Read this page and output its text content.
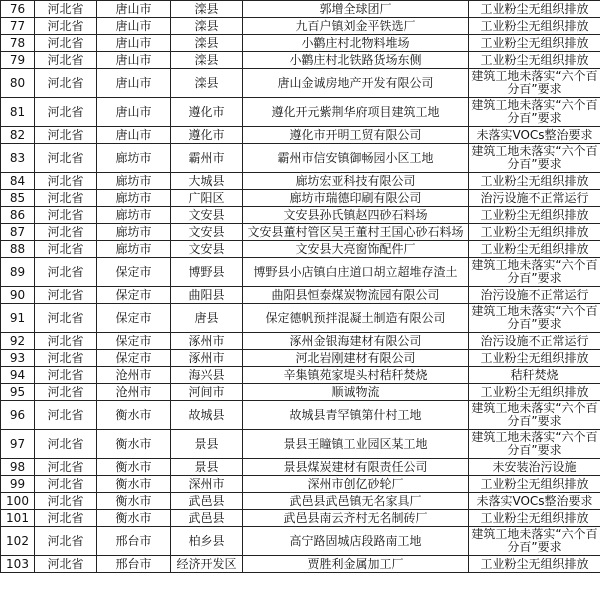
76	河北省	唐山市	滦县	郭增全球团厂	工业粉尘无组织排放
77	河北省	唐山市	滦县	九百户镇刘金平铁选厂	工业粉尘无组织排放
78	河北省	唐山市	滦县	小鹳庄村北物料堆场	工业粉尘无组织排放
79	河北省	唐山市	滦县	小鹳庄村北铁路货场东侧	工业粉尘无组织排放
80	河北省	唐山市	滦县	唐山金诚房地产开发有限公司	建筑工地未落实“六个百分百”要求
81	河北省	唐山市	遵化市	遵化开元紫荆华府项目建筑工地	建筑工地未落实“六个百分百”要求
82	河北省	唐山市	遵化市	遵化市开明工贸有限公司	未落实VOCs整治要求
83	河北省	廊坊市	霸州市	霸州市信安镇御畅园小区工地	建筑工地未落实“六个百分百”要求
84	河北省	廊坊市	大城县	廊坊宏亚科技有限公司	工业粉尘无组织排放
85	河北省	廊坊市	广阳区	廊坊市瑞德印刷有限公司	治污设施不正常运行
86	河北省	廊坊市	文安县	文安县孙氏镇赵四砂石料场	工业粉尘无组织排放
87	河北省	廊坊市	文安县	文安县董村管区吴王董村王国心砂石料场	工业粉尘无组织排放
88	河北省	廊坊市	文安县	文安县大亮窗饰配件厂	工业粉尘无组织排放
89	河北省	保定市	博野县	博野县小店镇白庄道口胡立超堆存渣土	建筑工地未落实“六个百分百”要求
90	河北省	保定市	曲阳县	曲阳县恒泰煤炭物流园有限公司	治污设施不正常运行
91	河北省	保定市	唐县	保定德帆预拌混凝土制造有限公司	建筑工地未落实“六个百分百”要求
92	河北省	保定市	涿州市	涿州金银海建材有限公司	治污设施不正常运行
93	河北省	保定市	涿州市	河北岩刚建材有限公司	工业粉尘无组织排放
94	河北省	沧州市	海兴县	辛集镇苑家堤头村秸秆焚烧	秸秆焚烧
95	河北省	沧州市	河间市	顺诚物流	工业粉尘无组织排放
96	河北省	衡水市	故城县	故城县青罕镇第什村工地	建筑工地未落实“六个百分百”要求
97	河北省	衡水市	景县	景县王瞳镇工业园区某工地	建筑工地未落实“六个百分百”要求
98	河北省	衡水市	景县	景县煤炭建材有限责任公司	未安装治污设施
99	河北省	衡水市	深州市	深州市创亿砂轮厂	工业粉尘无组织排放
100	河北省	衡水市	武邑县	武邑县武邑镇无名家具厂	未落实VOCs整治要求
101	河北省	衡水市	武邑县	武邑县南云齐村无名制砖厂	工业粉尘无组织排放
102	河北省	邢台市	柏乡县	高宁路固城店段路南工地	建筑工地未落实“六个百分百”要求
103	河北省	邢台市	经济开发区	贾胜利金属加工厂	工业粉尘无组织排放
